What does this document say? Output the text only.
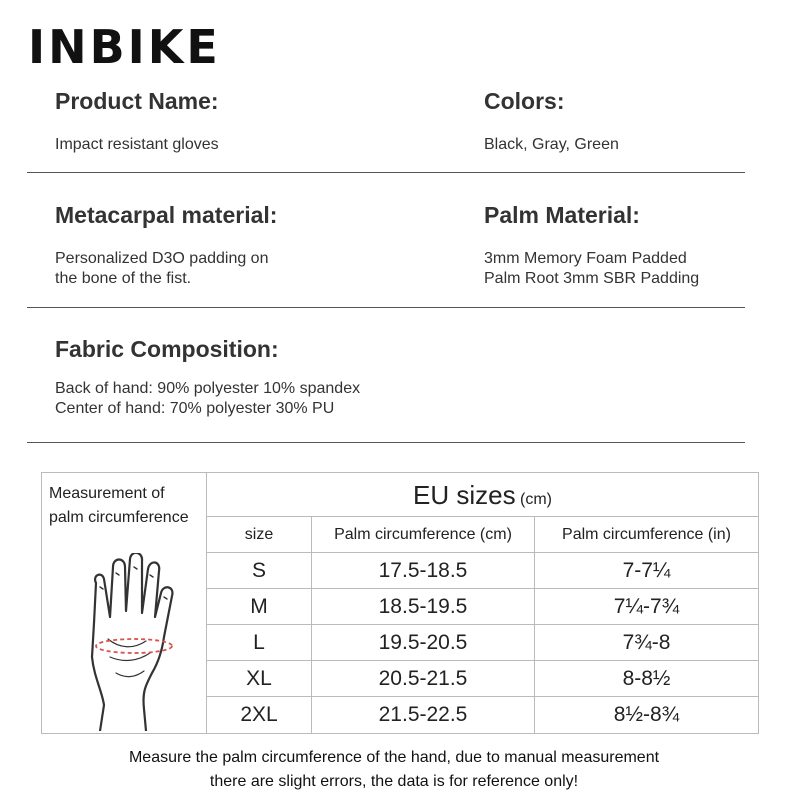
INBIKE
Product Name:
Impact resistant gloves
Colors:
Black, Gray, Green
Metacarpal material:
Personalized D3O padding on
the bone of the fist.
Palm Material:
3mm Memory Foam Padded
Palm Root 3mm SBR Padding
Fabric Composition:
Back of hand: 90% polyester 10% spandex
Center of hand: 70% polyester 30% PU
Measurement of
palm circumference
EU sizes (cm)
size	Palm circumference (cm)	Palm circumference (in)
S	17.5-18.5	7-7¼
M	18.5-19.5	7¼-7¾
L	19.5-20.5	7¾-8
XL	20.5-21.5	8-8½
2XL	21.5-22.5	8½-8¾
Measure the palm circumference of the hand, due to manual measurement
there are slight errors, the data is for reference only!
